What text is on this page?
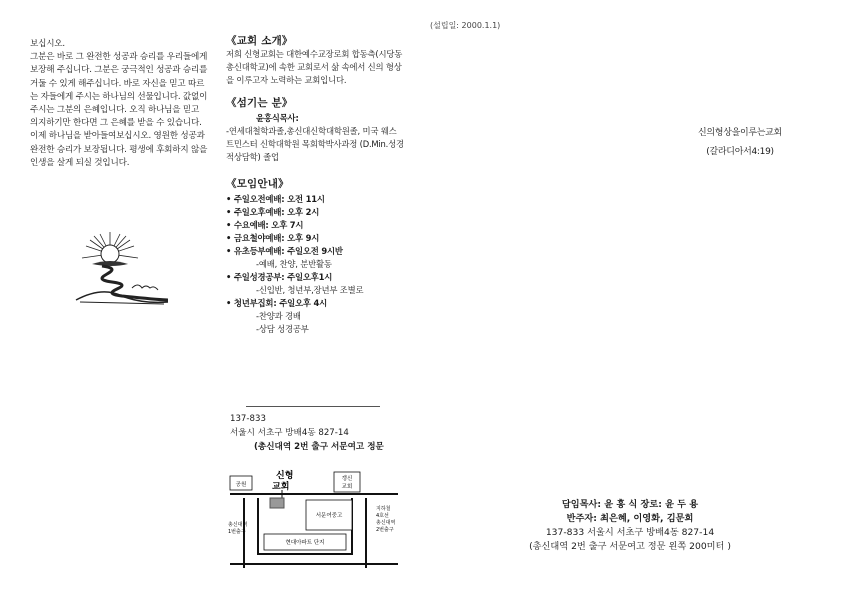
(설립일: 2000.1.1)

보십시오.

그분은 바로 그 완전한 성공과 승리를 우리들에게 보장해 주십니다. 그분은 궁극적인 성공과 승리를 거둘 수 있게 해주십니다. 바로 자신을 믿고 따르는 자들에게 주시는 하나님의 선물입니다. 값없이 주시는 그분의 은혜입니다. 오직 하나님을 믿고 의지하기만 한다면 그 은혜를 받을 수 있습니다. 이제 하나님을 받아들여보십시오. 영원한 성공과 완전한 승리가 보장됩니다. 평생에 후회하지 않을 인생을 살게 되실 것입니다.

《교회 소개》

저희 신형교회는 대한예수교장로회 합동측(시당동 총신대학교)에 속한 교회로서 삶 속에서 신의 형상을 이루고자 노력하는 교회입니다.

《섬기는 분》

윤홍식목사:

-연세대철학과졸,총신대신학대학원졸, 미국 웨스트민스터 신학대학원 목회학박사과정 (D.Min.성경적상담학) 졸업

《모임안내》

• 주일오전예배: 오전 11시
• 주일오후예배: 오후 2시
• 수요예배: 오후 7시
• 금요철야예배: 오후 9시
• 유초등부예배: 주일오전 9시반
-예배, 찬양, 분반활동
• 주일성경공부: 주일오후1시
-신입반, 청년부,장년부 조별로
• 청년부집회: 주일오후 4시
-찬양과 경배
-상담 성경공부
137-833
서울시 서초구 방배4동 827-14
(총신대역 2번 출구 서문여고 정문
공원
신형
교회
갱신
교회
서문여중고
현대아파트 단지
총신대역
1번출구
지하철
4호선
총신대역
2번출구
신의형상을이루는교회
(갈라디아서4:19)
담임목사: 윤 홍 식 장로: 윤 두 용
반주자: 최은혜, 이영화, 김문희
137-833 서울시 서초구 방배4동 827-14
(총신대역 2번 출구 서문여고 정문 왼쪽 200미터 )
